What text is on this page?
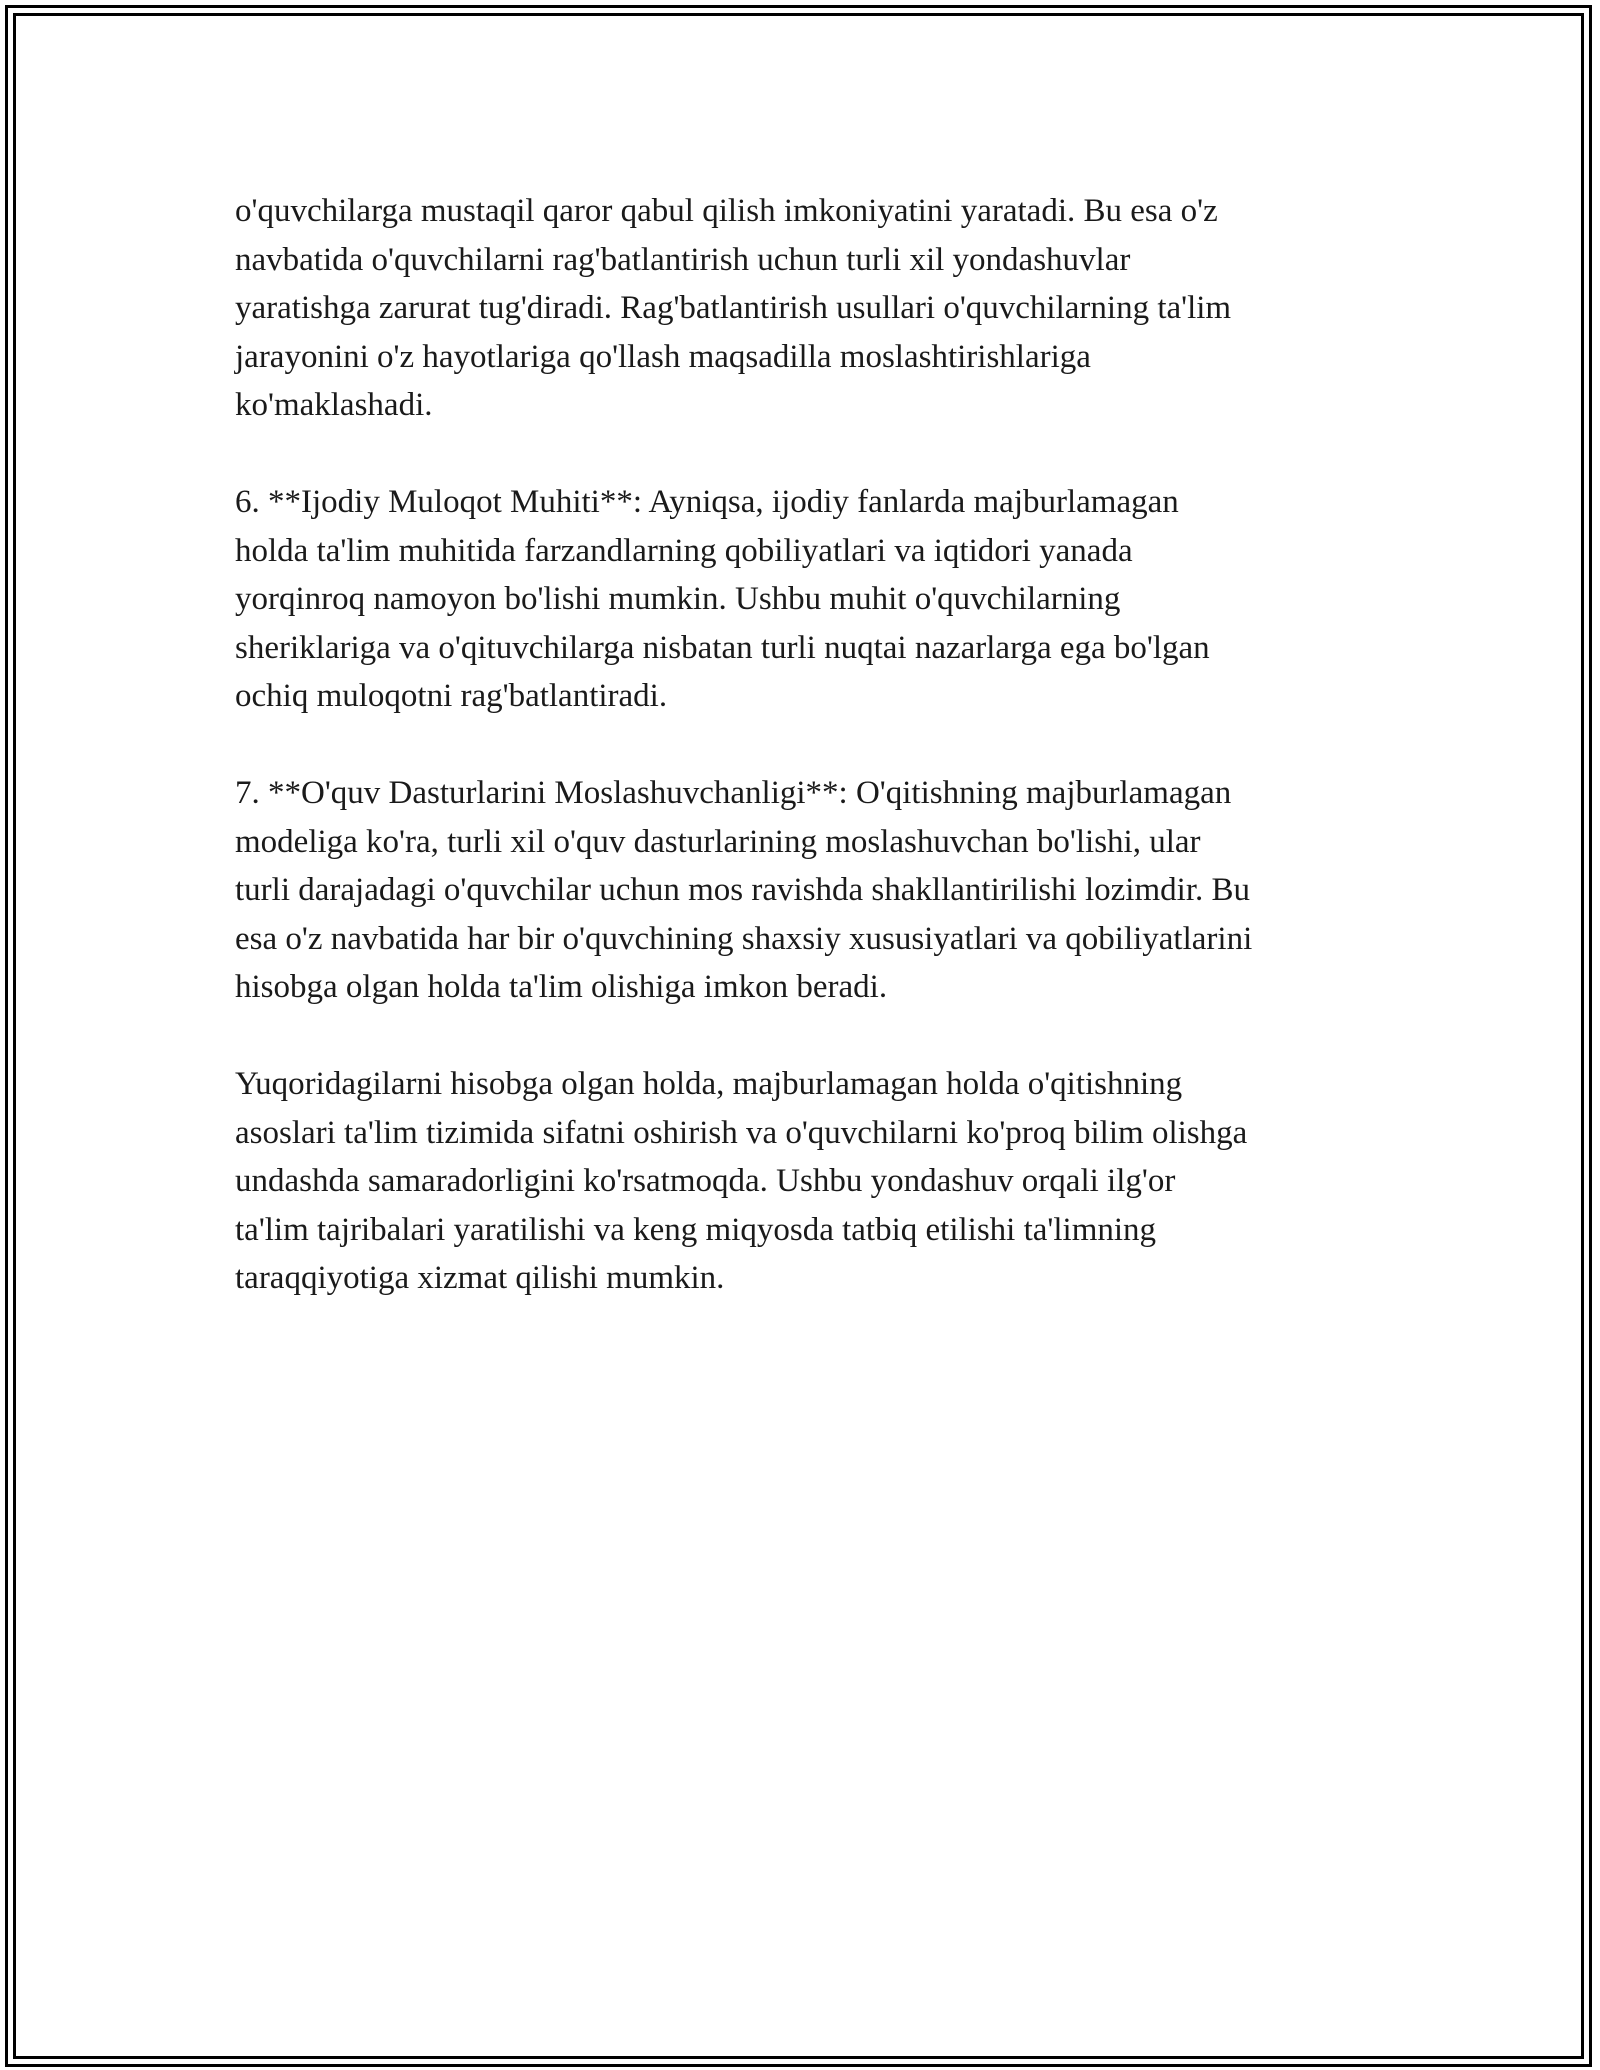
o'quvchilarga mustaqil qaror qabul qilish imkoniyatini yaratadi. Bu esa o'z
navbatida o'quvchilarni rag'batlantirish uchun turli xil yondashuvlar
yaratishga zarurat tug'diradi. Rag'batlantirish usullari o'quvchilarning ta'lim
jarayonini o'z hayotlariga qo'llash maqsadilla moslashtirishlariga
ko'maklashadi.

6. **Ijodiy Muloqot Muhiti**: Ayniqsa, ijodiy fanlarda majburlamagan
holda ta'lim muhitida farzandlarning qobiliyatlari va iqtidori yanada
yorqinroq namoyon bo'lishi mumkin. Ushbu muhit o'quvchilarning
sheriklariga va o'qituvchilarga nisbatan turli nuqtai nazarlarga ega bo'lgan
ochiq muloqotni rag'batlantiradi.

7. **O'quv Dasturlarini Moslashuvchanligi**: O'qitishning majburlamagan
modeliga ko'ra, turli xil o'quv dasturlarining moslashuvchan bo'lishi, ular
turli darajadagi o'quvchilar uchun mos ravishda shakllantirilishi lozimdir. Bu
esa o'z navbatida har bir o'quvchining shaxsiy xususiyatlari va qobiliyatlarini
hisobga olgan holda ta'lim olishiga imkon beradi.

Yuqoridagilarni hisobga olgan holda, majburlamagan holda o'qitishning
asoslari ta'lim tizimida sifatni oshirish va o'quvchilarni ko'proq bilim olishga
undashda samaradorligini ko'rsatmoqda. Ushbu yondashuv orqali ilg'or
ta'lim tajribalari yaratilishi va keng miqyosda tatbiq etilishi ta'limning
taraqqiyotiga xizmat qilishi mumkin.
